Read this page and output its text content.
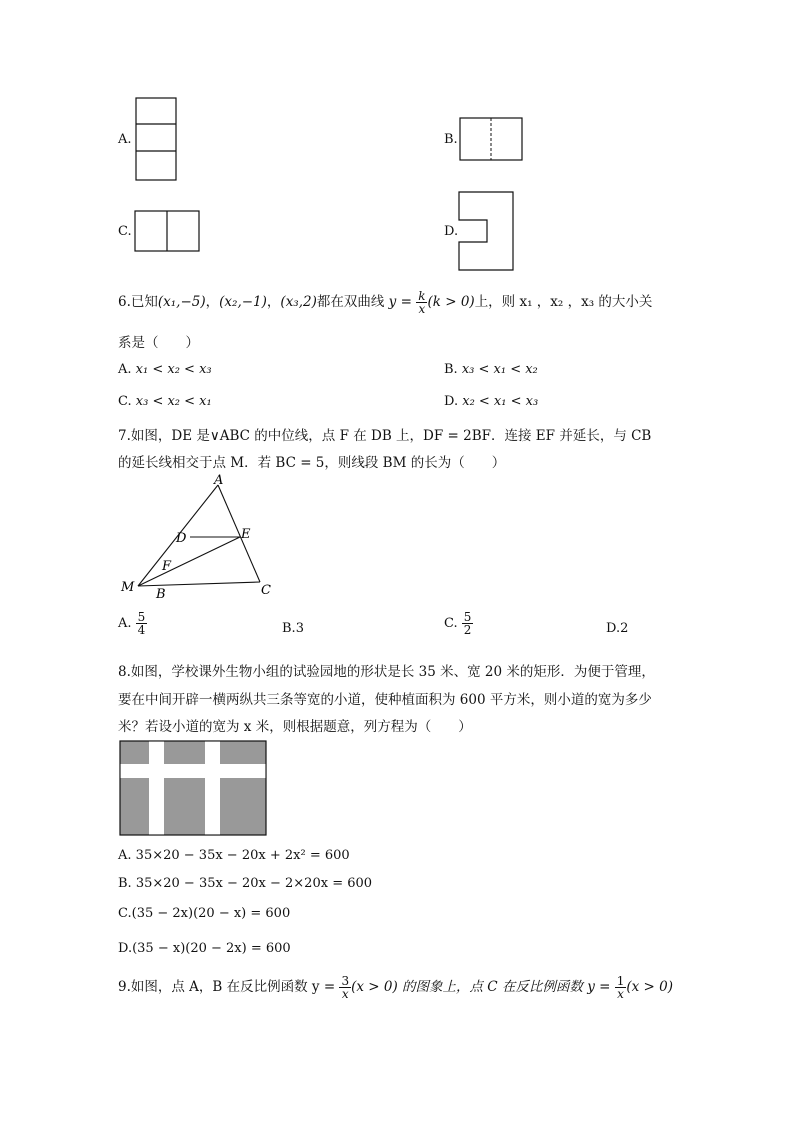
A.	B.
C.	D.
6.已知(x₁,−5)，(x₂,−1)，(x₃,2)都在双曲线 $y = \frac{k}{x} (k > 0)$上，则 x₁ ，x₂ ，x₃ 的大小关
系是（　　）
A. x₁ < x₂ < x₃	B. x₃ < x₁ < x₂
C. x₃ < x₂ < x₁	D. x₂ < x₁ < x₃
7.如图，DE 是∨ABC 的中位线，点 F 在 DB 上，DF = 2BF．连接 EF 并延长，与 CB
的延长线相交于点 M．若 BC = 5，则线段 BM 的长为（　　）
A
D	E
F
M B	C
A. $\frac{5}{4}$	B.3	C. $\frac{5}{2}$	D.2
8.如图，学校课外生物小组的试验园地的形状是长 35 米、宽 20 米的矩形．为便于管理，
要在中间开辟一横两纵共三条等宽的小道，使种植面积为 600 平方米，则小道的宽为多少
米？若设小道的宽为 x 米，则根据题意，列方程为（　　）
A. 35×20 − 35x − 20x + 2x² = 600
B. 35×20 − 35x − 20x − 2×20x = 600
C.(35 − 2x)(20 − x) = 600
D.(35 − x)(20 − 2x) = 600
9.如图，点 A，B 在反比例函数 $y = \frac{3}{x} (x > 0)$ 的图象上，点 C 在反比例函数 $y = \frac{1}{x} (x > 0)$
